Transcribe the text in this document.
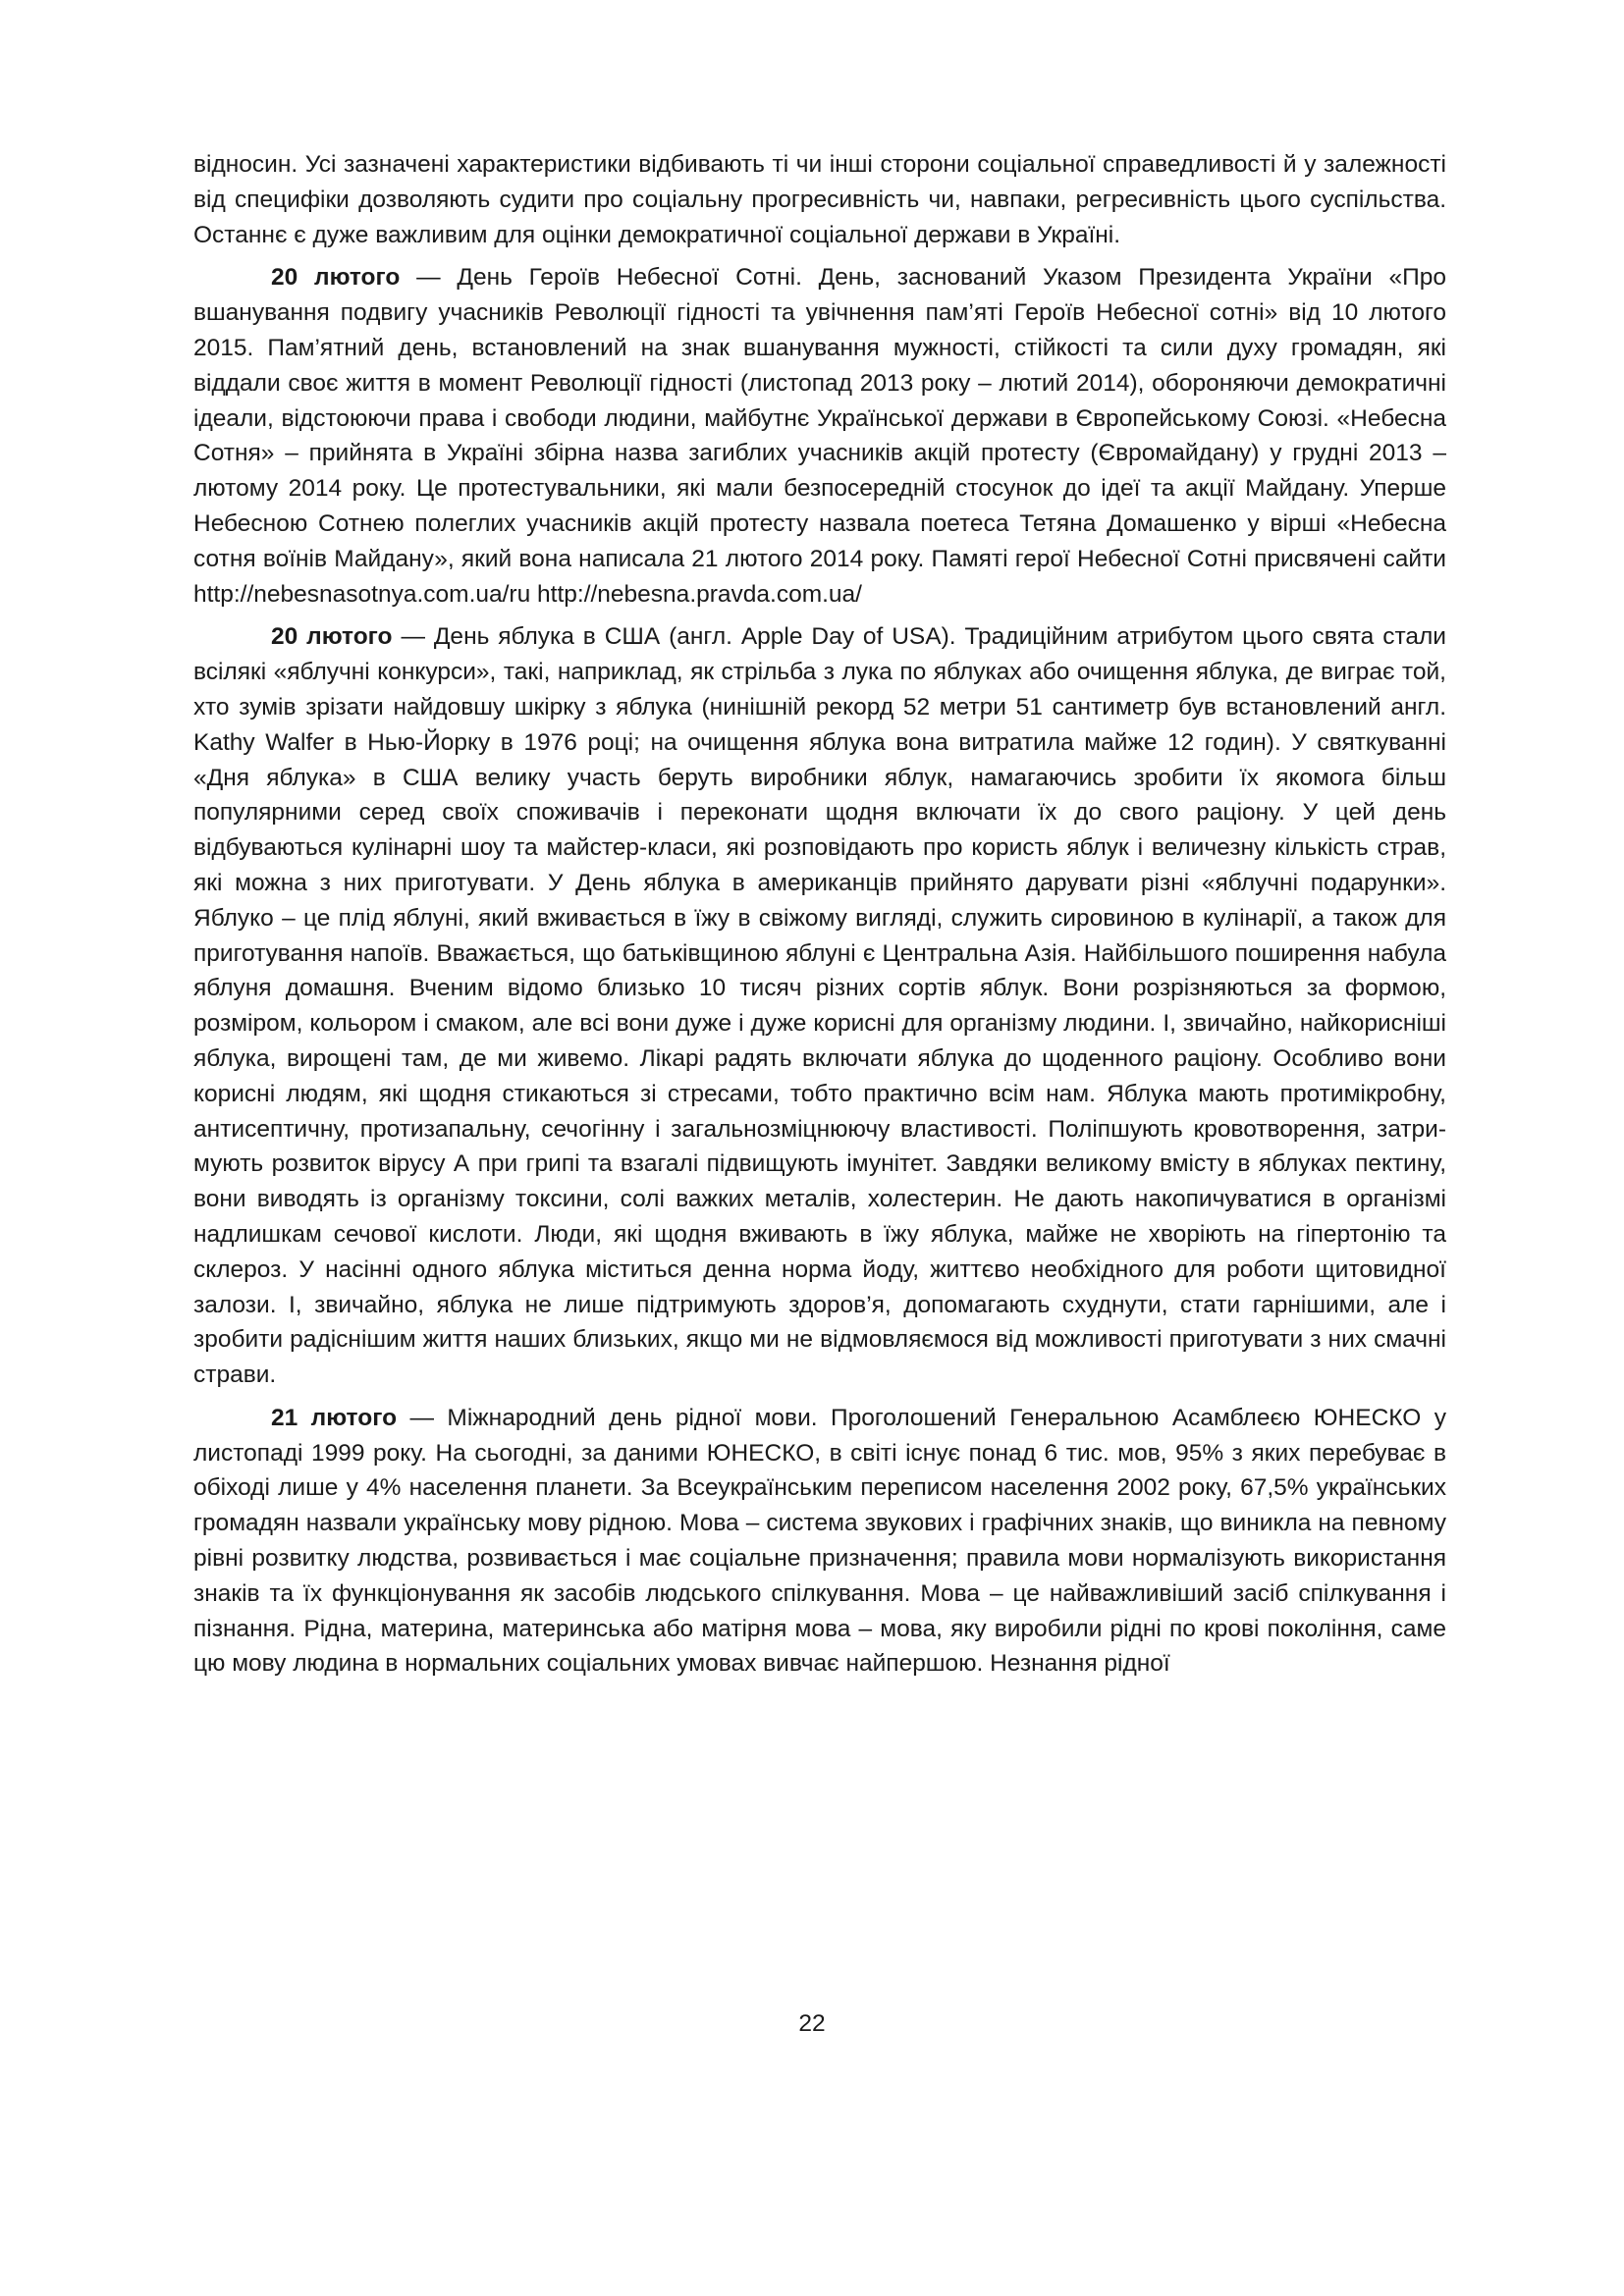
відносин. Усі зазначені характеристики відбивають ті чи інші сторони соціальної справедливості й у залежності від специфіки дозволяють судити про соціальну прогресивність чи, навпаки, регресивність цього суспільства. Останнє є дуже важливим для оцінки демократичної соціальної держави в Україні.

20 лютого — День Героїв Небесної Сотні. День, заснований Указом Президента України «Про вшанування подвигу учасників Революції гідності та увічнення пам’яті Героїв Небесної сотні» від 10 лютого 2015. Пам’ятний день, встановлений на знак вшанування мужності, стійкості та сили духу громадян, які віддали своє життя в момент Революції гідності (листопад 2013 року – лютий 2014), обороняючи демократичні ідеали, відстоюючи права і свободи людини, майбутнє Української держави в Європейському Союзі. «Небесна Сотня» – прийнята в Україні збірна назва загиблих учасників акцій протесту (Євромайдану) у грудні 2013 – лютому 2014 року. Це протестувальники, які мали безпосередній стосунок до ідеї та акції Майдану. Уперше Небесною Сотнею полеглих учасників акцій протесту назвала поетеса Тетяна Домашенко у вірші «Небесна сотня воїнів Майдану», який вона написала 21 лютого 2014 року. Памяті герої Небесної Сотні присвячені сайти http://nebesnasotnya.com.ua/ru http://nebesna.pravda.com.ua/

20 лютого — День яблука в США (англ. Apple Day of USA). Традиційним атрибутом цього свята стали всілякі «яблучні конкурси», такі, наприклад, як стрільба з лука по яблуках або очищення яблука, де виграє той, хто зумів зрізати найдовшу шкірку з яблука (нинішній рекорд 52 метри 51 сантиметр був встановлений англ. Kathy Walfer в Нью-Йорку в 1976 році; на очищення яблука вона витратила майже 12 годин). У святкуванні «Дня яблука» в США велику участь беруть виробники яблук, намагаючись зробити їх якомога більш популярними серед своїх споживачів і переконати щодня включати їх до свого раціону. У цей день відбуваються кулінарні шоу та майстер-класи, які розповідають про користь яблук і величезну кількість страв, які можна з них приготувати. У День яблука в американців прийнято дарувати різні «яблучні подарунки». Яблуко – це плід яблуні, який вживається в їжу в свіжому вигляді, служить сировиною в кулінарії, а також для приготування напоїв. Вважається, що батьківщиною яблуні є Центральна Азія. Найбільшого поширення набула яблуня домашня. Вченим відомо близько 10 тисяч різних сортів яблук. Вони розрізняються за формою, розміром, кольором і смаком, але всі вони дуже і дуже корисні для організму людини. І, звичайно, найкорисніші яблука, вирощені там, де ми живемо. Лікарі радять включати яблука до щоденного раціону. Особливо вони корисні людям, які щодня стикаються зі стресами, тобто практично всім нам. Яблука мають протимікробну, антисептичну, протизапальну, сечогінну і загальнозміцнюючу властивості. Поліпшують кровотворення, затримують розвиток вірусу А при грипі та взагалі підвищують імунітет. Завдяки великому вмісту в яблуках пектину, вони виводять із організму токсини, солі важких металів, холестерин. Не дають накопичуватися в організмі надлишкам сечової кислоти. Люди, які щодня вживають в їжу яблука, майже не хворіють на гіпертонію та склероз. У насінні одного яблука міститься денна норма йоду, життєво необхідного для роботи щитовидної залози. І, звичайно, яблука не лише підтримують здоров’я, допомагають схуднути, стати гарнішими, але і зробити радіснішим життя наших близьких, якщо ми не відмовляємося від можливості приготувати з них смачні страви.

21 лютого — Міжнародний день рідної мови. Проголошений Генеральною Асамблеєю ЮНЕСКО у листопаді 1999 року. На сьогодні, за даними ЮНЕСКО, в світі існує понад 6 тис. мов, 95% з яких перебуває в обіході лише у 4% населення планети. За Всеукраїнським переписом населення 2002 року, 67,5% українських громадян назвали українську мову рідною. Мова – система звукових і графічних знаків, що виникла на певному рівні розвитку людства, розвивається і має соціальне призначення; правила мови нормалізують використання знаків та їх функціонування як засобів людського спілкування. Мова – це найважливіший засіб спілкування і пізнання. Рідна, материна, материнська або матірня мова – мова, яку виробили рідні по крові покоління, саме цю мову людина в нормальних соціальних умовах вивчає найпершою. Незнання рідної

22
